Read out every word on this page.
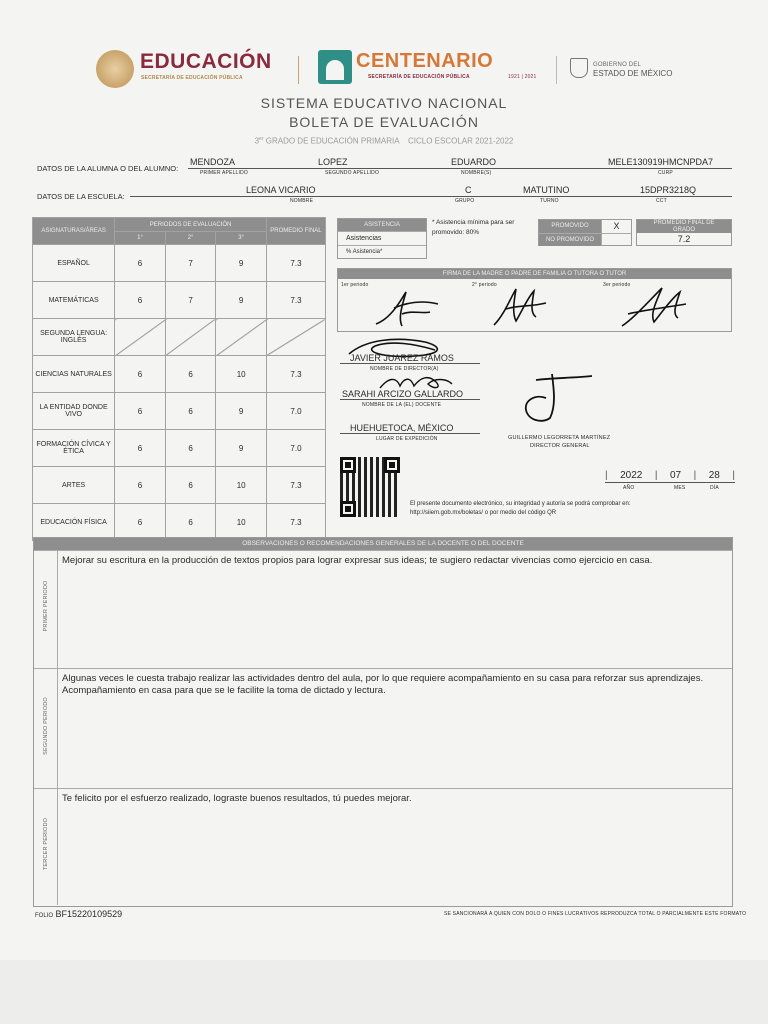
EDUCACIÓN
SECRETARÍA DE EDUCACIÓN PÚBLICA
CENTENARIO
SECRETARÍA DE EDUCACIÓN PÚBLICA	1921 | 2021
GOBIERNO DEL
ESTADO DE MÉXICO
SISTEMA EDUCATIVO NACIONAL
BOLETA DE EVALUACIÓN
3er GRADO DE EDUCACIÓN PRIMARIA CICLO ESCOLAR 2021-2022
DATOS DE LA ALUMNA O DEL ALUMNO:
MENDOZA
PRIMER APELLIDO
LOPEZ
SEGUNDO APELLIDO
EDUARDO
NOMBRE(S)
MELE130919HMCNPDA7
CURP
DATOS DE LA ESCUELA:
LEONA VICARIO
NOMBRE
C
GRUPO
MATUTINO
TURNO
15DPR3218Q
CCT
ASIGNATURAS/ÁREAS	PERIODOS DE EVALUACIÓN			PROMEDIO FINAL
	1°	2°	3°	
ESPAÑOL	6	7	9	7.3
MATEMÁTICAS	6	7	9	7.3
SEGUNDA LENGUA: INGLÉS				
CIENCIAS NATURALES	6	6	10	7.3
LA ENTIDAD DONDE VIVO	6	6	9	7.0
FORMACIÓN CÍVICA Y ÉTICA	6	6	9	7.0
ARTES	6	6	10	7.3
EDUCACIÓN FÍSICA	6	6	10	7.3
ASISTENCIA
Asistencias
% Asistencia*
* Asistencia mínima para ser promovido: 80%
PROMOVIDO	X
NO PROMOVIDO
PROMEDIO FINAL DE GRADO
7.2
FIRMA DE LA MADRE O PADRE DE FAMILIA O TUTORA O TUTOR
1er periodo	2° periodo	3er periodo
JAVIER JUAREZ RAMOS
NOMBRE DE DIRECTOR(A)
SARAHI ARCIZO GALLARDO
NOMBRE DE LA (EL) DOCENTE
HUEHUETOCA, MÉXICO
LUGAR DE EXPEDICIÓN	GUILLERMO LEGORRETA MARTÍNEZ
DIRECTOR GENERAL
| 2022 | 07 | 28 |
AÑO	MES	DÍA
El presente documento electrónico, su integridad y autoría se podrá comprobar en: http://siiem.gob.mx/boletas/ o por medio del código QR
OBSERVACIONES O RECOMENDACIONES GENERALES DE LA DOCENTE O DEL DOCENTE
PRIMER PERIODO
Mejorar su escritura en la producción de textos propios para lograr expresar sus ideas; te sugiero redactar vivencias como ejercicio en casa.
SEGUNDO PERIODO
Algunas veces le cuesta trabajo realizar las actividades dentro del aula, por lo que requiere acompañamiento en su casa para reforzar sus aprendizajes. Acompañamiento en casa para que se le facilite la toma de dictado y lectura.
TERCER PERIODO
Te felicito por el esfuerzo realizado, lograste buenos resultados, tú puedes mejorar.
FOLIO BF15220109529	SE SANCIONARÁ A QUIEN CON DOLO O FINES LUCRATIVOS REPRODUZCA TOTAL O PARCIALMENTE ESTE FORMATO
